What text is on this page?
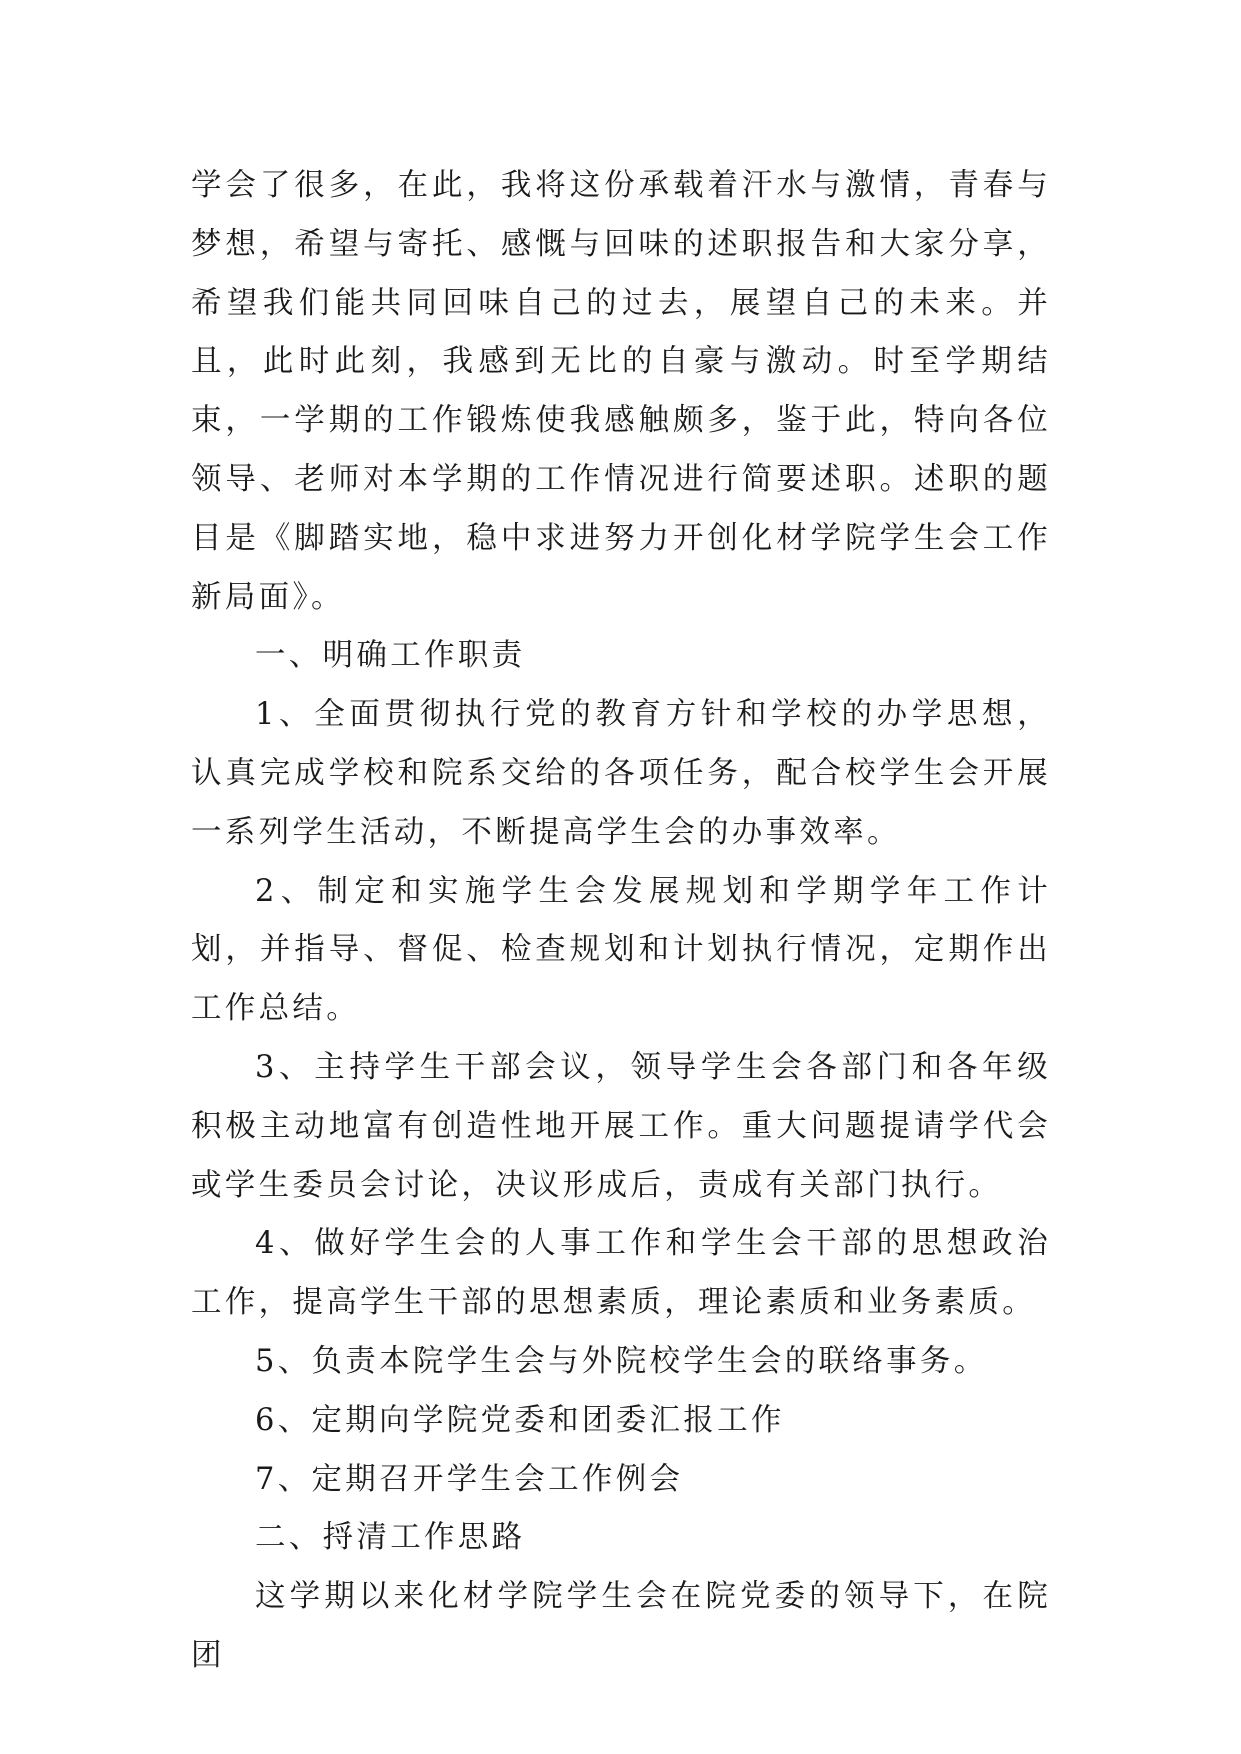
学会了很多，在此，我将这份承载着汗水与激情，青春与梦想，希望与寄托、感慨与回味的述职报告和大家分享，希望我们能共同回味自己的过去，展望自己的未来。并且，此时此刻，我感到无比的自豪与激动。时至学期结束，一学期的工作锻炼使我感触颇多，鉴于此，特向各位领导、老师对本学期的工作情况进行简要述职。述职的题目是《脚踏实地，稳中求进努力开创化材学院学生会工作新局面》。

一、明确工作职责

1、全面贯彻执行党的教育方针和学校的办学思想，认真完成学校和院系交给的各项任务，配合校学生会开展一系列学生活动，不断提高学生会的办事效率。

2、制定和实施学生会发展规划和学期学年工作计划，并指导、督促、检查规划和计划执行情况，定期作出工作总结。

3、主持学生干部会议，领导学生会各部门和各年级积极主动地富有创造性地开展工作。重大问题提请学代会或学生委员会讨论，决议形成后，责成有关部门执行。

4、做好学生会的人事工作和学生会干部的思想政治工作，提高学生干部的思想素质，理论素质和业务素质。

5、负责本院学生会与外院校学生会的联络事务。

6、定期向学院党委和团委汇报工作

7、定期召开学生会工作例会

二、捋清工作思路

这学期以来化材学院学生会在院党委的领导下，在院团
